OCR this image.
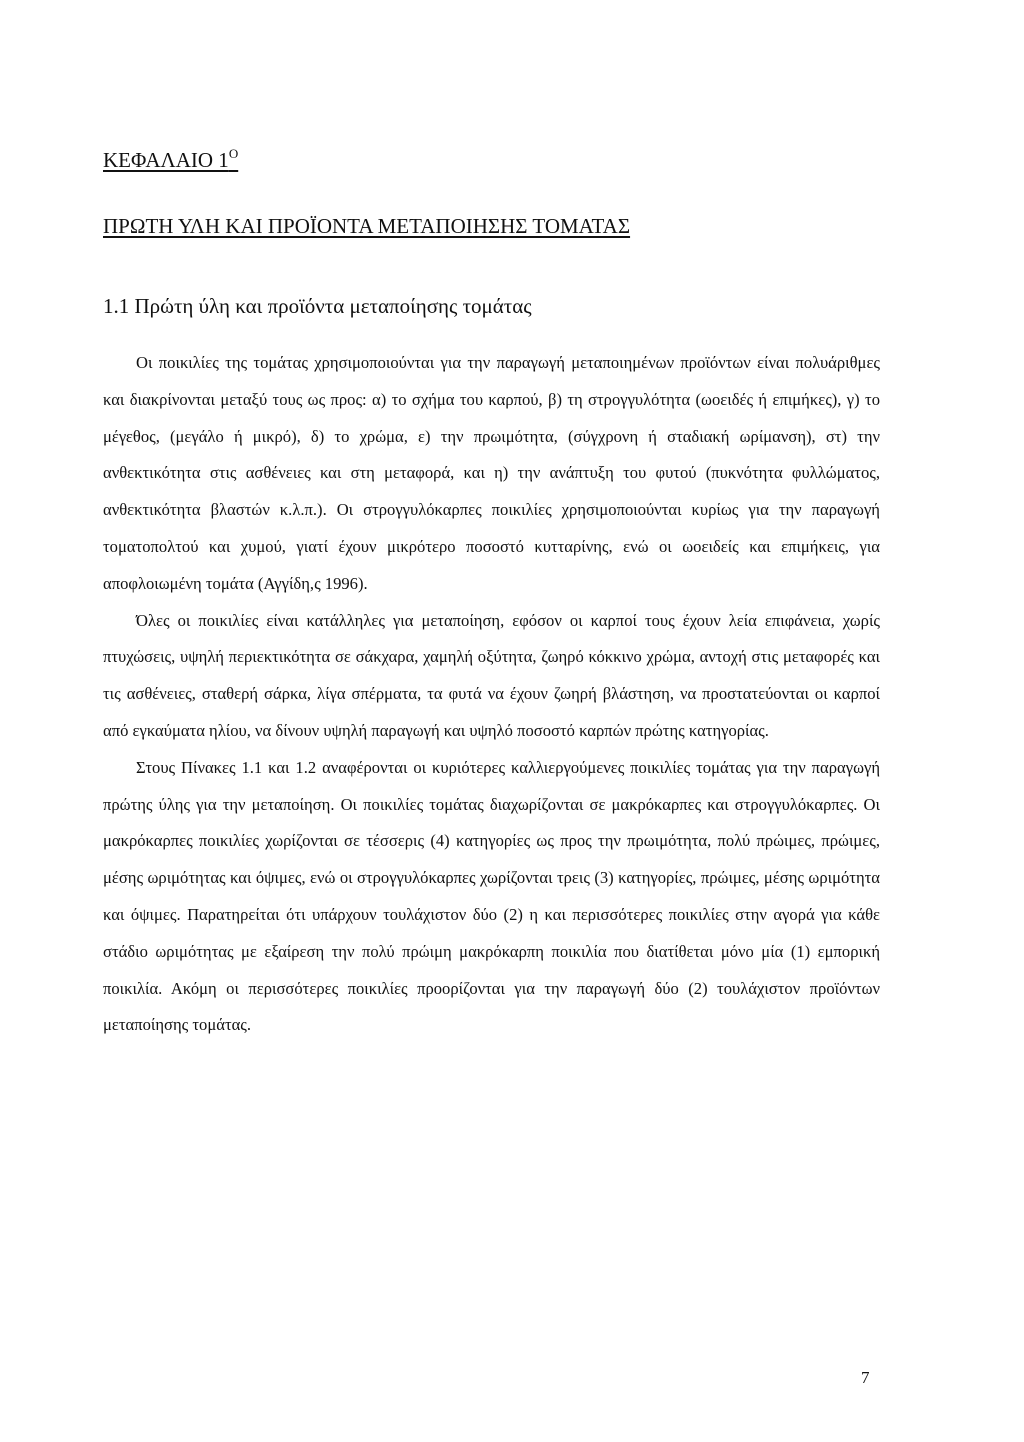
ΚΕΦΑΛΑΙΟ $1^O$
ΠΡΩΤΗ ΥΛΗ ΚΑΙ ΠΡΟΪΟΝΤΑ ΜΕΤΑΠΟΙΗΣΗΣ ΤΟΜΑΤΑΣ
1.1 Πρώτη ύλη και προϊόντα μεταποίησης τομάτας

Οι ποικιλίες της τομάτας χρησιμοποιούνται για την παραγωγή μεταποιημένων προϊόντων είναι πολυάριθμες και διακρίνονται μεταξύ τους ως προς: α) το σχήμα του καρπού, β) τη στρογγυλότητα (ωοειδές ή επιμήκες), γ) το μέγεθος, (μεγάλο ή μικρό), δ) το χρώμα, ε) την πρωιμότητα, (σύγχρονη ή σταδιακή ωρίμανση), στ) την ανθεκτικότητα στις ασθένειες και στη μεταφορά, και η) την ανάπτυξη του φυτού (πυκνότητα φυλλώματος, ανθεκτικότητα βλαστών κ.λ.π.). Οι στρογγυλόκαρπες ποικιλίες χρησιμοποιούνται κυρίως για την παραγωγή τοματοπολτού και χυμού, γιατί έχουν μικρότερο ποσοστό κυτταρίνης, ενώ οι ωοειδείς και επιμήκεις, για αποφλοιωμένη τομάτα (Αγγίδη,ς 1996).

Όλες οι ποικιλίες είναι κατάλληλες για μεταποίηση, εφόσον οι καρποί τους έχουν λεία επιφάνεια, χωρίς πτυχώσεις, υψηλή περιεκτικότητα σε σάκχαρα, χαμηλή οξύτητα, ζωηρό κόκκινο χρώμα, αντοχή στις μεταφορές και τις ασθένειες, σταθερή σάρκα, λίγα σπέρματα, τα φυτά να έχουν ζωηρή βλάστηση, να προστατεύονται οι καρποί από εγκαύματα ηλίου, να δίνουν υψηλή παραγωγή και υψηλό ποσοστό καρπών πρώτης κατηγορίας.

Στους Πίνακες 1.1 και 1.2 αναφέρονται οι κυριότερες καλλιεργούμενες ποικιλίες τομάτας για την παραγωγή πρώτης ύλης για την μεταποίηση. Οι ποικιλίες τομάτας διαχωρίζονται σε μακρόκαρπες και στρογγυλόκαρπες. Οι μακρόκαρπες ποικιλίες χωρίζονται σε τέσσερις (4) κατηγορίες ως προς την πρωιμότητα, πολύ πρώιμες, πρώιμες, μέσης ωριμότητας και όψιμες, ενώ οι στρογγυλόκαρπες χωρίζονται τρεις (3) κατηγορίες, πρώιμες, μέσης ωριμότητα και όψιμες. Παρατηρείται ότι υπάρχουν τουλάχιστον δύο (2) η και περισσότερες ποικιλίες στην αγορά για κάθε στάδιο ωριμότητας με εξαίρεση την πολύ πρώιμη μακρόκαρπη ποικιλία που διατίθεται μόνο μία (1) εμπορική ποικιλία. Ακόμη οι περισσότερες ποικιλίες προορίζονται για την παραγωγή δύο (2) τουλάχιστον προϊόντων μεταποίησης τομάτας.

7
